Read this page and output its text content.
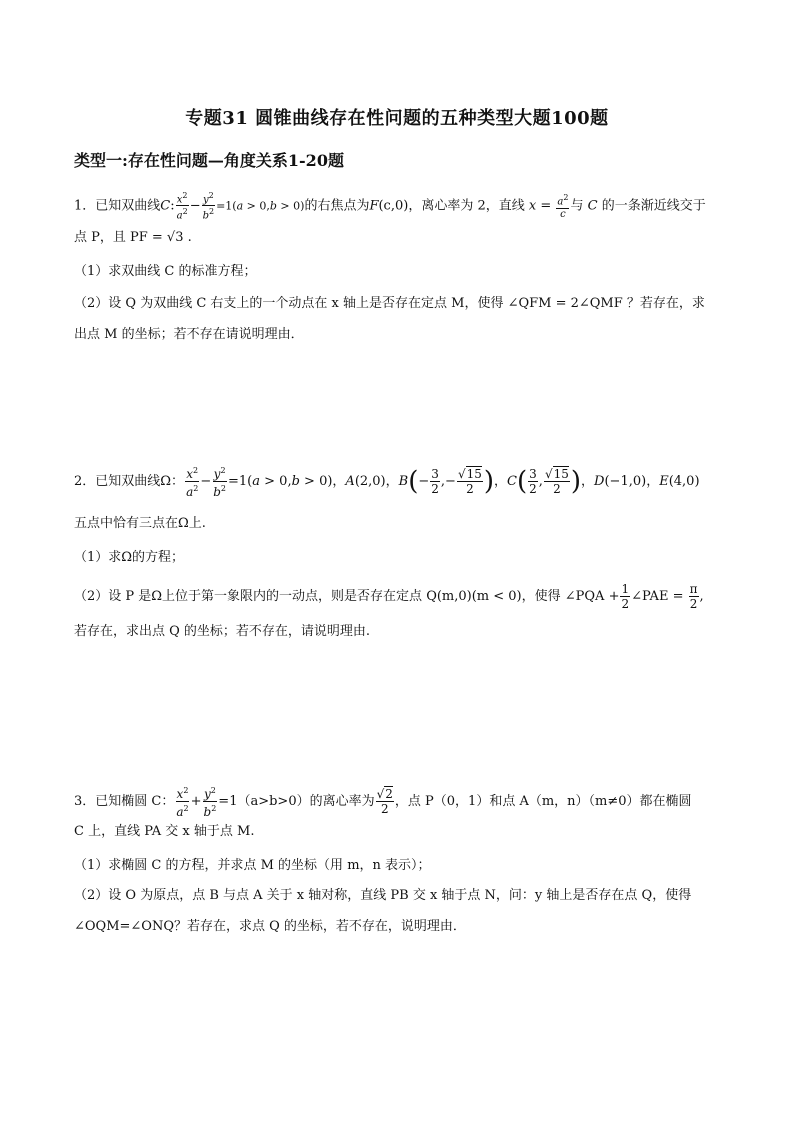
专题31 圆锥曲线存在性问题的五种类型大题100题
类型一:存在性问题—角度关系1-20题
1．已知双曲线C: $\frac{x^2}{a^2} - \frac{y^2}{b^2} =1(a > 0,b > 0)$的右焦点为F(c,0)，离心率为 2，直线 $x = \frac{a^2}{c}$ 与 C 的一条渐近线交于
点 P，且 PF = √3 .
（1）求双曲线 C 的标准方程；
（2）设 Q 为双曲线 C 右支上的一个动点在 x 轴上是否存在定点 M，使得 ∠QFM = 2∠QMF ？若存在，求
出点 M 的坐标；若不存在请说明理由．
2．已知双曲线Ω： $\frac{x^2}{a^2} - \frac{y^2}{b^2} =1(a > 0,b > 0)$，A(2,0)，$B(- \frac{3}{2}$ ,− $\frac{√15}{2}$ )，$C( \frac{3}{2}$ , $\frac{√15}{2}$ )，D(−1,0)，E(4,0)
五点中恰有三点在Ω上.
（1）求Ω的方程；
（2）设 P 是Ω上位于第一象限内的一动点，则是否存在定点 Q(m,0)(m < 0)，使得 ∠PQA + $\frac{1}{2}$ ∠PAE = $\frac{\pi}{2}$ ,
若存在，求出点 Q 的坐标；若不存在，请说明理由.
3．已知椭圆 C： $\frac{x^2}{a^2} + \frac{y^2}{b^2} =1(a>b>0)$的离心率为 $\frac{√2}{2}$ ，点 P（0，1）和点 A（m，n）（m≠0）都在椭圆
C 上，直线 PA 交 x 轴于点 M.
（1）求椭圆 C 的方程，并求点 M 的坐标（用 m，n 表示）；
（2）设 O 为原点，点 B 与点 A 关于 x 轴对称，直线 PB 交 x 轴于点 N，问：y 轴上是否存在点 Q，使得
∠OQM=∠ONQ？若存在，求点 Q 的坐标，若不存在，说明理由．
